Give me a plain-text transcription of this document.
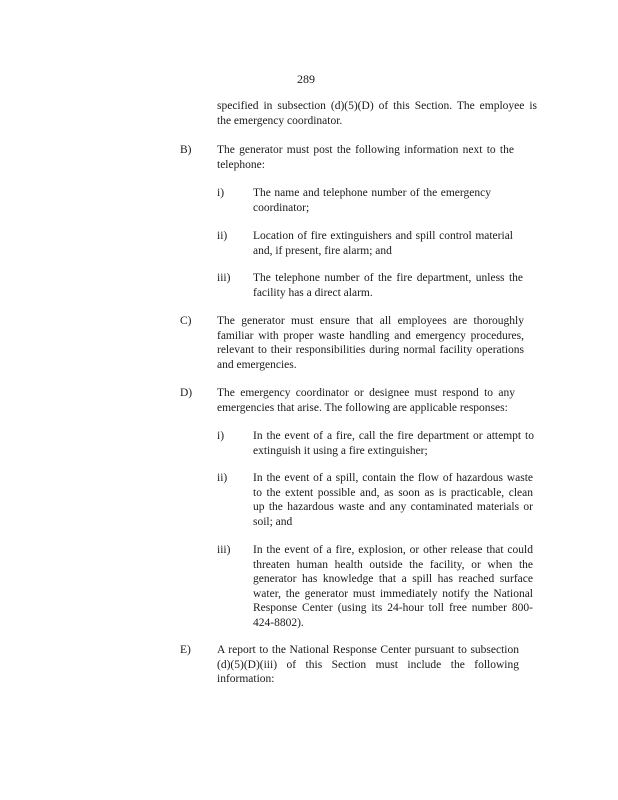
289

specified in subsection (d)(5)(D) of this Section. The employee is

the emergency coordinator.

B) The generator must post the following information next to the

telephone:

i)	The name and telephone number of the emergency

coordinator;

ii) Location of fire extinguishers and spill control material

and, if present, fire alarm; and

iii) The telephone number of the fire department, unless the

facility has a direct alarm.

C) The generator must ensure that all employees are thoroughly

familiar with proper waste handling and emergency procedures,

relevant to their responsibilities during normal facility operations

and emergencies.

D) The emergency coordinator or designee must respond to any

emergencies that arise. The following are applicable responses:

i)	In the event of a fire, call the fire department or attempt to

extinguish it using a fire extinguisher;

ii) In the event of a spill, contain the flow of hazardous waste

to the extent possible and, as soon as is practicable, clean

up the hazardous waste and any contaminated materials or

soil; and

iii) In the event of a fire, explosion, or other release that could

threaten human health outside the facility, or when the

generator has knowledge that a spill has reached surface

water, the generator must immediately notify the National

Response Center (using its 24-hour toll free number 800-

424-8802).

E) A report to the National Response Center pursuant to subsection

(d)(5)(D)(iii) of this Section must include the following

information:
